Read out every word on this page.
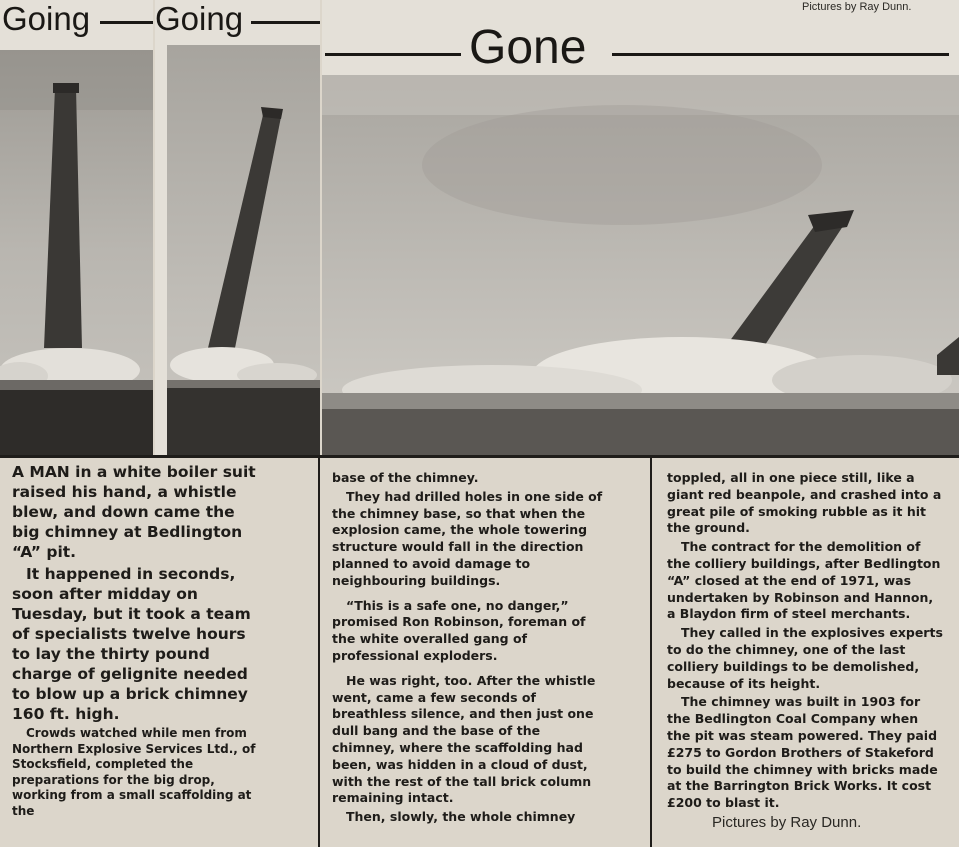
Going Going	Pictures by Ray Dunn.
Gone

A MAN in a white boiler suit raised his hand, a whistle blew, and down came the big chimney at Bedlington “A” pit.

It happened in seconds, soon after midday on Tuesday, but it took a team of specialists twelve hours to lay the thirty pound charge of gelignite needed to blow up a brick chimney 160 ft. high.

Crowds watched while men from Northern Explosive Services Ltd., of Stocksfield, completed the preparations for the big drop, working from a small scaffolding at the

base of the chimney.

They had drilled holes in one side of the chimney base, so that when the explosion came, the whole towering structure would fall in the direction planned to avoid damage to neighbouring buildings.

“This is a safe one, no danger,” promised Ron Robinson, foreman of the white overalled gang of professional exploders.

He was right, too. After the whistle went, came a few seconds of breathless silence, and then just one dull bang and the base of the chimney, where the scaffolding had been, was hidden in a cloud of dust, with the rest of the tall brick column remaining intact.

Then, slowly, the whole chimney

toppled, all in one piece still, like a giant red beanpole, and crashed into a great pile of smoking rubble as it hit the ground.

The contract for the demolition of the colliery buildings, after Bedlington “A” closed at the end of 1971, was undertaken by Robinson and Hannon, a Blaydon firm of steel merchants.

They called in the explosives experts to do the chimney, one of the last colliery buildings to be demolished, because of its height.

The chimney was built in 1903 for the Bedlington Coal Company when the pit was steam powered. They paid £275 to Gordon Brothers of Stakeford to build the chimney with bricks made at the Barrington Brick Works. It cost £200 to blast it.

Pictures by Ray Dunn.
